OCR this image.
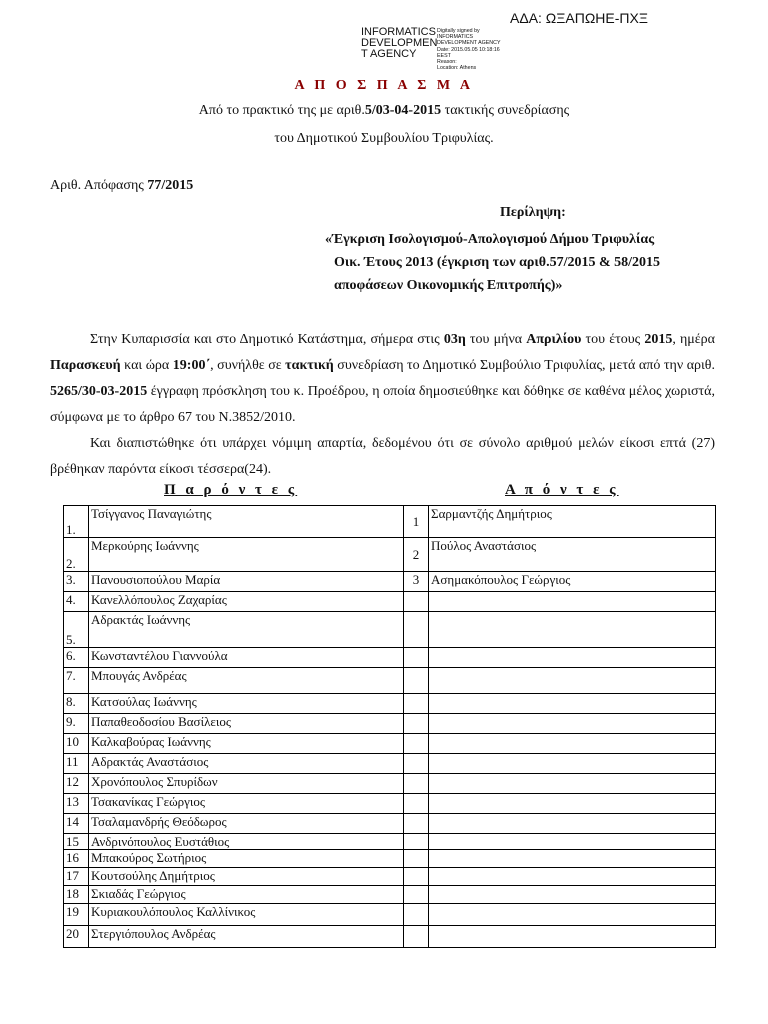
ΑΔΑ: ΩΞΑΠΩΗΕ-ΠΧΞ
INFORMATICS
DEVELOPMEN
T AGENCY
Digitally signed by
INFORMATICS
DEVELOPMENT AGENCY
Date: 2015.05.05 10:18:16
EEST
Reason:
Location: Athens
Α Π Ο Σ Π Α Σ Μ Α
Από το πρακτικό της με αριθ.5/03-04-2015 τακτικής συνεδρίασης
του Δημοτικού Συμβουλίου Τριφυλίας.
Αριθ. Απόφασης 77/2015
Περίληψη:
«Έγκριση Ισολογισμού-Απολογισμού Δήμου Τριφυλίας
Οικ. Έτους 2013 (έγκριση των αριθ.57/2015 & 58/2015
αποφάσεων Οικονομικής Επιτροπής)»

Στην Κυπαρισσία και στο Δημοτικό Κατάστημα, σήμερα στις 03η του μήνα Απριλίου του έτους 2015, ημέρα Παρασκευή και ώρα 19:00΄, συνήλθε σε τακτική συνεδρίαση το Δημοτικό Συμβούλιο Τριφυλίας, μετά από την αριθ. 5265/30-03-2015 έγγραφη πρόσκληση του κ. Προέδρου, η οποία δημοσιεύθηκε και δόθηκε σε καθένα μέλος χωριστά, σύμφωνα με το άρθρο 67 του Ν.3852/2010.

Και διαπιστώθηκε ότι υπάρχει νόμιμη απαρτία, δεδομένου ότι σε σύνολο αριθμού μελών είκοσι επτά (27) βρέθηκαν παρόντα είκοσι τέσσερα(24).

Π α ρ ό ν τ ε ς	Α π ό ν τ ε ς
1.	Τσίγγανος Παναγιώτης	1	Σαρμαντζής Δημήτριος

2.	Μερκούρης Ιωάννης	2	Πούλος Αναστάσιος
3.	Πανουσιοπούλου Μαρία	3	Ασημακόπουλος Γεώργιος
4.	Κανελλόπουλος Ζαχαρίας		

5.	Αδρακτάς Ιωάννης	

6.	Κωνσταντέλου Γιαννούλα		
7.	Μπουγάς Ανδρέας		
8.	Κατσούλας Ιωάννης		
9.	Παπαθεοδοσίου Βασίλειος		
10	Καλκαβούρας Ιωάννης		
11	Αδρακτάς Αναστάσιος		
12	Χρονόπουλος Σπυρίδων		
13	Τσακανίκας Γεώργιος		
14	Τσαλαμανδρής Θεόδωρος		
15	Ανδρινόπουλος Ευστάθιος		
16	Μπακούρος Σωτήριος		
17	Κουτσούλης Δημήτριος		
18	Σκιαδάς Γεώργιος		
19	Κυριακουλόπουλος Καλλίνικος		
20	Στεργιόπουλος Ανδρέας		
